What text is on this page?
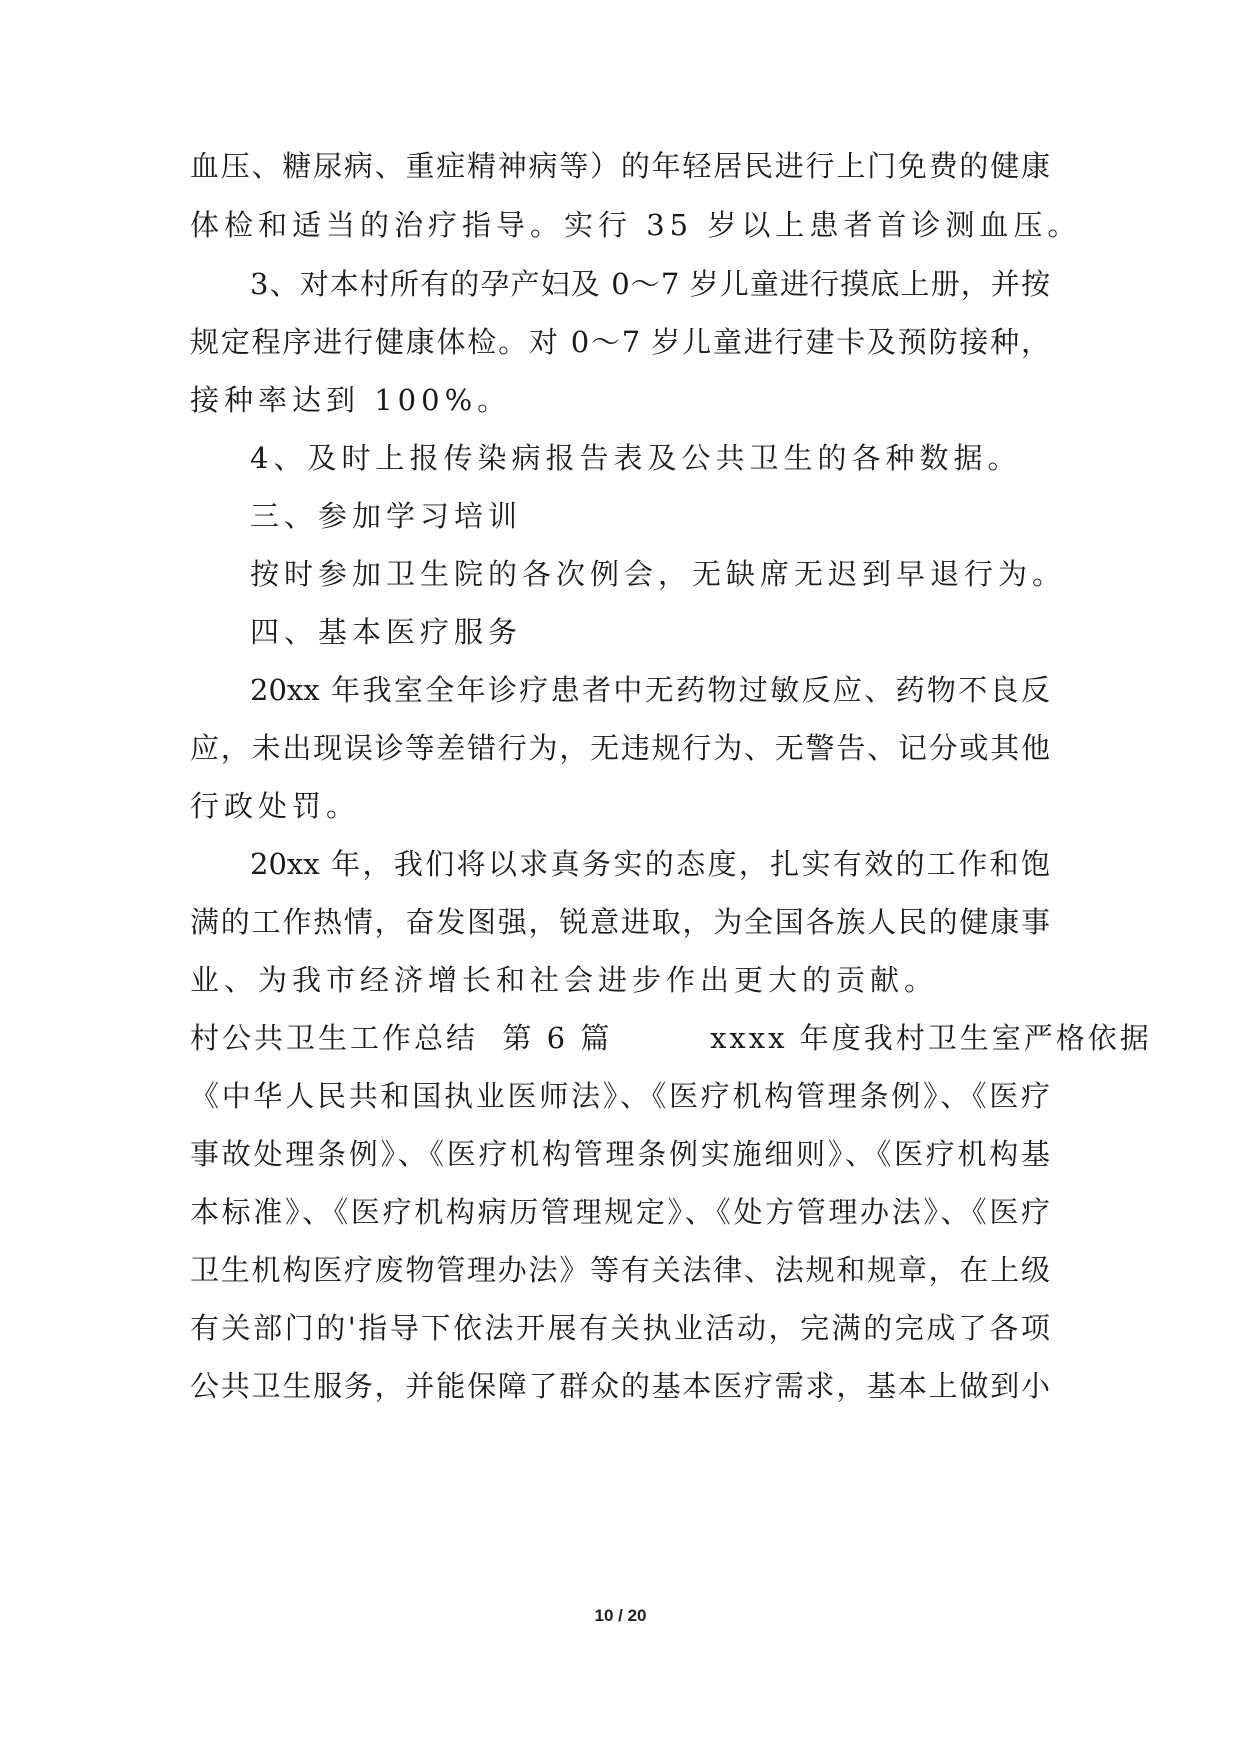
血压、糖尿病、重症精神病等）的年轻居民进行上门免费的健康
体检和适当的治疗指导。实行 35 岁以上患者首诊测血压。
3、对本村所有的孕产妇及 0～7 岁儿童进行摸底上册，并按
规定程序进行健康体检。对 0～7 岁儿童进行建卡及预防接种，
接种率达到 100%。
4、及时上报传染病报告表及公共卫生的各种数据。
三、参加学习培训
按时参加卫生院的各次例会，无缺席无迟到早退行为。
四、基本医疗服务
20xx 年我室全年诊疗患者中无药物过敏反应、药物不良反
应，未出现误诊等差错行为，无违规行为、无警告、记分或其他
行政处罚。
20xx 年，我们将以求真务实的态度，扎实有效的工作和饱
满的工作热情，奋发图强，锐意进取，为全国各族人民的健康事
业、为我市经济增长和社会进步作出更大的贡献。
村公共卫生工作总结  第 6 篇        xxxx 年度我村卫生室严格依据
《中华人民共和国执业医师法》、《医疗机构管理条例》、《医疗
事故处理条例》、《医疗机构管理条例实施细则》、《医疗机构基
本标准》、《医疗机构病历管理规定》、《处方管理办法》、《医疗
卫生机构医疗废物管理办法》等有关法律、法规和规章，在上级
有关部门的'指导下依法开展有关执业活动，完满的完成了各项
公共卫生服务，并能保障了群众的基本医疗需求，基本上做到小
10 / 20
